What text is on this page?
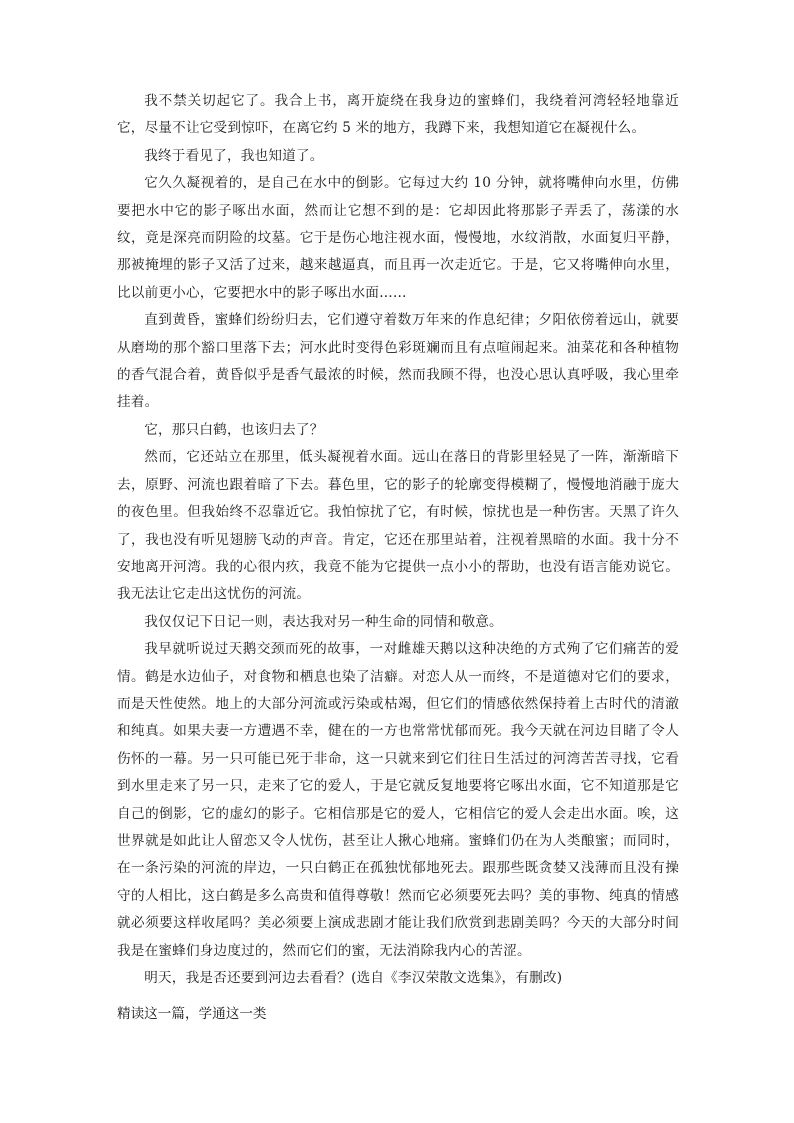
我不禁关切起它了。我合上书，离开旋绕在我身边的蜜蜂们，我绕着河湾轻轻地靠近它，尽量不让它受到惊吓，在离它约 5 米的地方，我蹲下来，我想知道它在凝视什么。

我终于看见了，我也知道了。

它久久凝视着的，是自己在水中的倒影。它每过大约 10 分钟，就将嘴伸向水里，仿佛要把水中它的影子啄出水面，然而让它想不到的是：它却因此将那影子弄丢了，荡漾的水纹，竟是深亮而阴险的坟墓。它于是伤心地注视水面，慢慢地，水纹消散，水面复归平静，那被掩埋的影子又活了过来，越来越逼真，而且再一次走近它。于是，它又将嘴伸向水里，比以前更小心，它要把水中的影子啄出水面……

直到黄昏，蜜蜂们纷纷归去，它们遵守着数万年来的作息纪律；夕阳依傍着远山，就要从磨坳的那个豁口里落下去；河水此时变得色彩斑斓而且有点喧闹起来。油菜花和各种植物的香气混合着，黄昏似乎是香气最浓的时候，然而我顾不得，也没心思认真呼吸，我心里牵挂着。

它，那只白鹤，也该归去了？

然而，它还站立在那里，低头凝视着水面。远山在落日的背影里轻晃了一阵，渐渐暗下去，原野、河流也跟着暗了下去。暮色里，它的影子的轮廓变得模糊了，慢慢地消融于庞大的夜色里。但我始终不忍靠近它。我怕惊扰了它，有时候，惊扰也是一种伤害。天黑了许久了，我也没有听见翅膀飞动的声音。肯定，它还在那里站着，注视着黑暗的水面。我十分不安地离开河湾。我的心很内疚，我竟不能为它提供一点小小的帮助，也没有语言能劝说它。我无法让它走出这忧伤的河流。

我仅仅记下日记一则，表达我对另一种生命的同情和敬意。

我早就听说过天鹅交颈而死的故事，一对雌雄天鹅以这种决绝的方式殉了它们痛苦的爱情。鹤是水边仙子，对食物和栖息也染了洁癖。对恋人从一而终，不是道德对它们的要求，而是天性使然。地上的大部分河流或污染或枯竭，但它们的情感依然保持着上古时代的清澈和纯真。如果夫妻一方遭遇不幸，健在的一方也常常忧郁而死。我今天就在河边目睹了令人伤怀的一幕。另一只可能已死于非命，这一只就来到它们往日生活过的河湾苦苦寻找，它看到水里走来了另一只，走来了它的爱人，于是它就反复地要将它啄出水面，它不知道那是它自己的倒影，它的虚幻的影子。它相信那是它的爱人，它相信它的爱人会走出水面。唉，这世界就是如此让人留恋又令人忧伤，甚至让人揪心地痛。蜜蜂们仍在为人类酿蜜；而同时，在一条污染的河流的岸边，一只白鹤正在孤独忧郁地死去。跟那些既贪婪又浅薄而且没有操守的人相比，这白鹤是多么高贵和值得尊敬！然而它必须要死去吗？美的事物、纯真的情感就必须要这样收尾吗？美必须要上演成悲剧才能让我们欣赏到悲剧美吗？今天的大部分时间我是在蜜蜂们身边度过的，然而它们的蜜，无法消除我内心的苦涩。

明天，我是否还要到河边去看看？(选自《李汉荣散文选集》，有删改)

精读这一篇，学通这一类
